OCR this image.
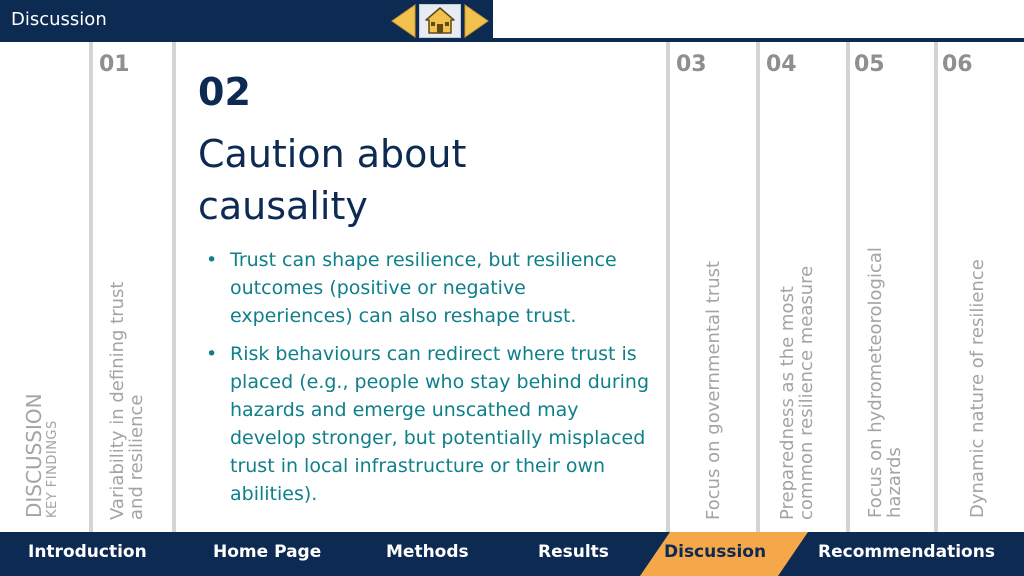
Discussion
DISCUSSION
KEY FINDINGS
01
Variability in defining trust
and resilience
02
Caution about causality
• Trust can shape resilience, but resilience outcomes (positive or negative experiences) can also reshape trust.
• Risk behaviours can redirect where trust is placed (e.g., people who stay behind during hazards and emerge unscathed may develop stronger, but potentially misplaced trust in local infrastructure or their own abilities).
03
Focus on governmental trust
04
Preparedness as the most
common resilience measure
05
Focus on hydrometeorological
hazards
06
Dynamic nature of resilience
Introduction	Home Page	Methods	Results	Discussion	Recommendations
